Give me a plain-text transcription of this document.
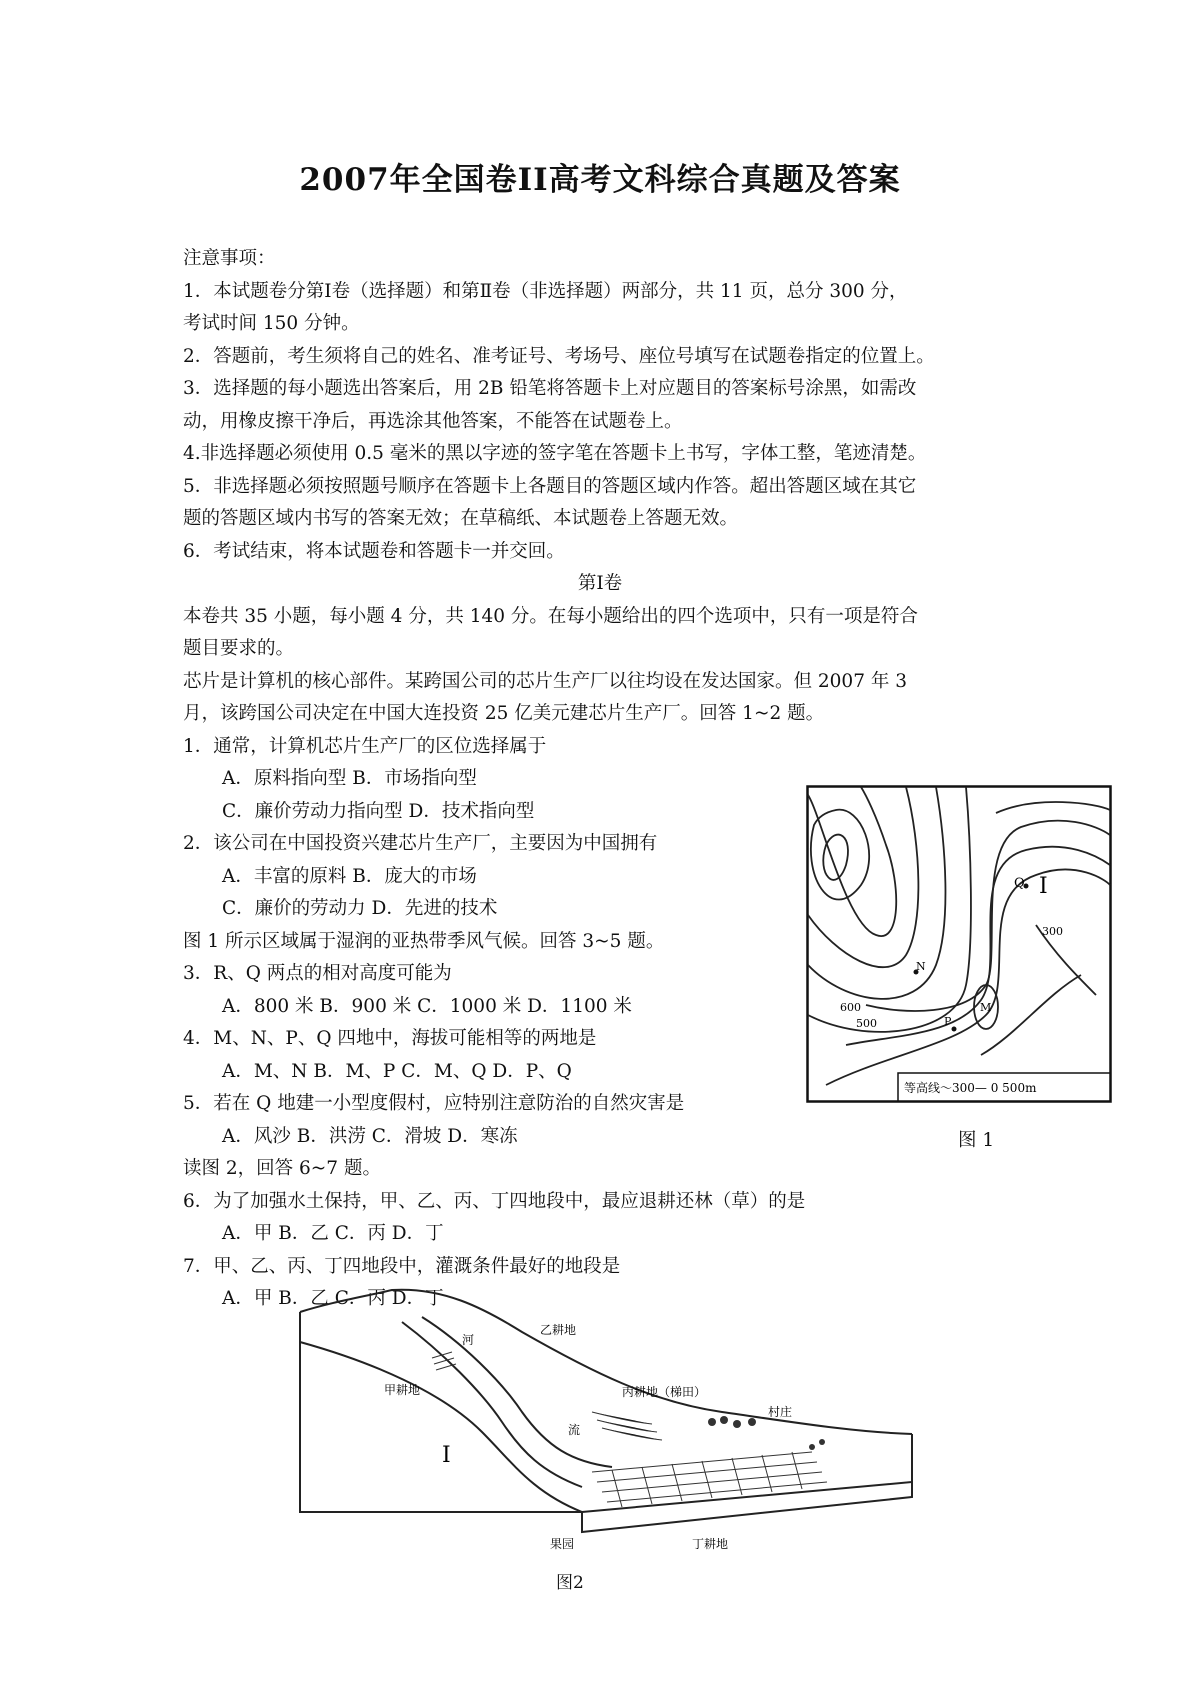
2007年全国卷II高考文科综合真题及答案
注意事项：
1．本试题卷分第Ⅰ卷（选择题）和第Ⅱ卷（非选择题）两部分，共 11 页，总分 300 分，
考试时间 150 分钟。
2．答题前，考生须将自己的姓名、准考证号、考场号、座位号填写在试题卷指定的位置上。
3．选择题的每小题选出答案后，用 2B 铅笔将答题卡上对应题目的答案标号涂黑，如需改
动，用橡皮擦干净后，再选涂其他答案，不能答在试题卷上。
4.非选择题必须使用 0.5 毫米的黑以字迹的签字笔在答题卡上书写，字体工整，笔迹清楚。
5．非选择题必须按照题号顺序在答题卡上各题目的答题区域内作答。超出答题区域在其它
题的答题区域内书写的答案无效；在草稿纸、本试题卷上答题无效。
6．考试结束，将本试题卷和答题卡一并交回。
第Ⅰ卷
本卷共 35 小题，每小题 4 分，共 140 分。在每小题给出的四个选项中，只有一项是符合
题目要求的。
芯片是计算机的核心部件。某跨国公司的芯片生产厂以往均设在发达国家。但 2007 年 3
月，该跨国公司决定在中国大连投资 25 亿美元建芯片生产厂。回答 1~2 题。
1．通常，计算机芯片生产厂的区位选择属于
A．原料指向型 B．市场指向型
C．廉价劳动力指向型 D．技术指向型
2．该公司在中国投资兴建芯片生产厂，主要因为中国拥有
A．丰富的原料 B．庞大的市场
C．廉价的劳动力 D．先进的技术
图 1 所示区域属于湿润的亚热带季风气候。回答 3~5 题。
3．R、Q 两点的相对高度可能为
A．800 米 B．900 米 C．1000 米 D．1100 米
4．M、N、P、Q 四地中，海拔可能相等的两地是
A．M、N B．M、P C．M、Q D．P、Q
5．若在 Q 地建一小型度假村，应特别注意防治的自然灾害是
A．风沙 B．洪涝 C．滑坡 D．寒冻
读图 2，回答 6~7 题。
6．为了加强水土保持，甲、乙、丙、丁四地段中，最应退耕还林（草）的是
A．甲 B．乙 C．丙 D．丁
7．甲、乙、丙、丁四地段中，灌溉条件最好的地段是
A．甲 B．乙 C．丙 D．丁
Q I
N
M
P
300
600
500
等高线～300— 0 500m
图 1
乙耕地
河
甲耕地	丙耕地（梯田）
村庄
流
果园	丁耕地
I
图2
